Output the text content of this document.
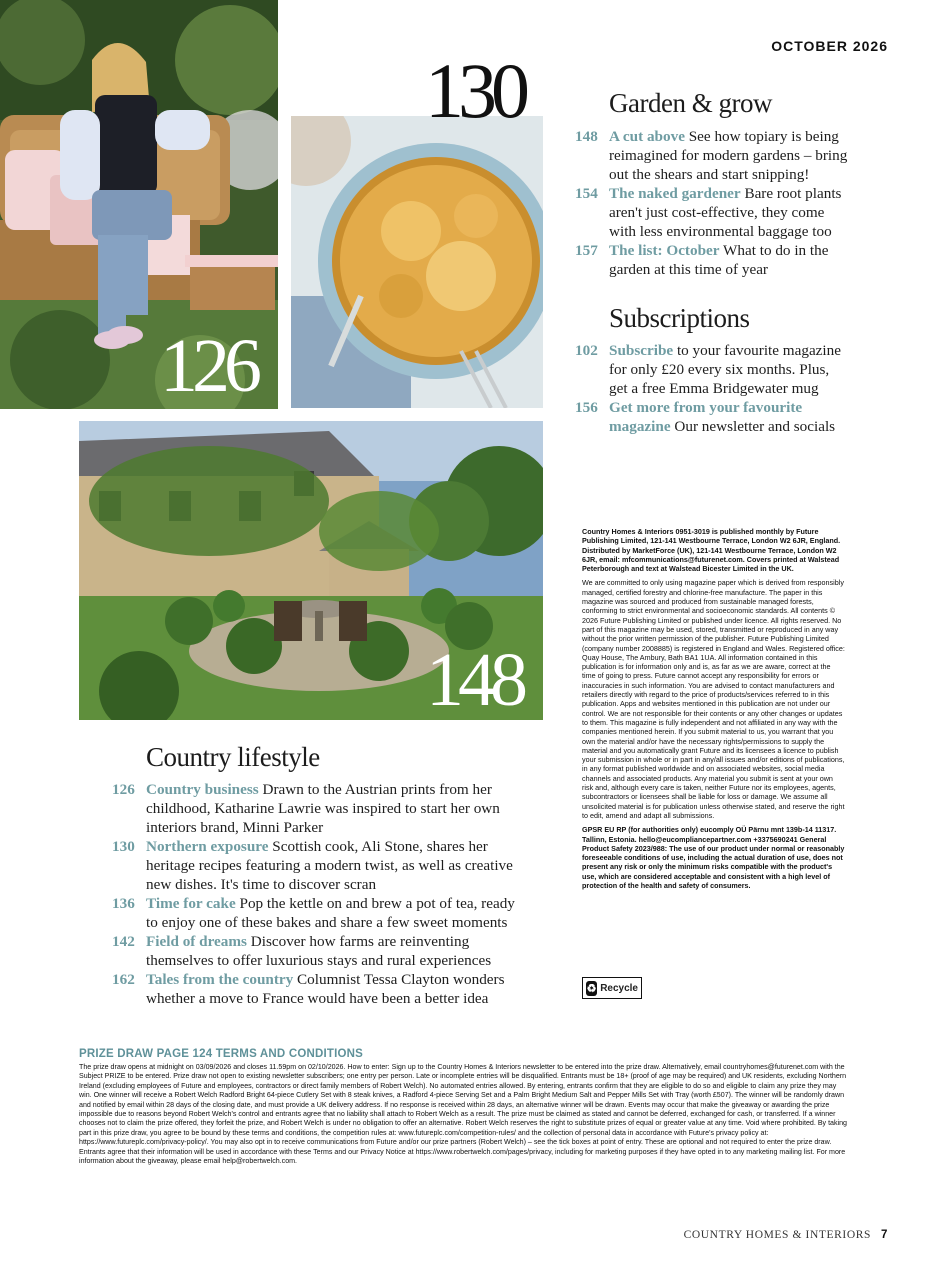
OCTOBER 2026
126
130
148
Garden & grow
148 A cut above See how topiary is being reimagined for modern gardens – bring out the shears and start snipping!
154 The naked gardener Bare root plants aren't just cost-effective, they come with less environmental baggage too
157 The list: October What to do in the garden at this time of year
Subscriptions
102 Subscribe to your favourite magazine for only £20 every six months. Plus, get a free Emma Bridgewater mug
156 Get more from your favourite magazine Our newsletter and socials
Country lifestyle
126 Country business Drawn to the Austrian prints from her childhood, Katharine Lawrie was inspired to start her own interiors brand, Minni Parker
130 Northern exposure Scottish cook, Ali Stone, shares her heritage recipes featuring a modern twist, as well as creative new dishes. It's time to discover scran
136 Time for cake Pop the kettle on and brew a pot of tea, ready to enjoy one of these bakes and share a few sweet moments
142 Field of dreams Discover how farms are reinventing themselves to offer luxurious stays and rural experiences
162 Tales from the country Columnist Tessa Clayton wonders whether a move to France would have been a better idea

Country Homes & Interiors 0951-3019 is published monthly by Future Publishing Limited, 121-141 Westbourne Terrace, London W2 6JR, England. Distributed by MarketForce (UK), 121-141 Westbourne Terrace, London W2 6JR, email: mfcommunications@futurenet.com. Covers printed at Walstead Peterborough and text at Walstead Bicester Limited in the UK.

We are committed to only using magazine paper which is derived from responsibly managed, certified forestry and chlorine-free manufacture. The paper in this magazine was sourced and produced from sustainable managed forests, conforming to strict environmental and socioeconomic standards. All contents © 2026 Future Publishing Limited or published under licence. All rights reserved. No part of this magazine may be used, stored, transmitted or reproduced in any way without the prior written permission of the publisher. Future Publishing Limited (company number 2008885) is registered in England and Wales. Registered office: Quay House, The Ambury, Bath BA1 1UA. All information contained in this publication is for information only and is, as far as we are aware, correct at the time of going to press. Future cannot accept any responsibility for errors or inaccuracies in such information. You are advised to contact manufacturers and retailers directly with regard to the price of products/services referred to in this publication. Apps and websites mentioned in this publication are not under our control. We are not responsible for their contents or any other changes or updates to them. This magazine is fully independent and not affiliated in any way with the companies mentioned herein. If you submit material to us, you warrant that you own the material and/or have the necessary rights/permissions to supply the material and you automatically grant Future and its licensees a licence to publish your submission in whole or in part in any/all issues and/or editions of publications, in any format published worldwide and on associated websites, social media channels and associated products. Any material you submit is sent at your own risk and, although every care is taken, neither Future nor its employees, agents, subcontractors or licensees shall be liable for loss or damage. We assume all unsolicited material is for publication unless otherwise stated, and reserve the right to edit, amend and adapt all submissions.

GPSR EU RP (for authorities only) eucomply OÜ Pärnu mnt 139b-14 11317. Tallinn, Estonia. hello@eucompliancepartner.com +3375690241 General Product Safety 2023/988: The use of our product under normal or reasonably foreseeable conditions of use, including the actual duration of use, does not present any risk or only the minimum risks compatible with the product's use, which are considered acceptable and consistent with a high level of protection of the health and safety of consumers.

♻ Recycle
PRIZE DRAW PAGE 124 TERMS AND CONDITIONS
The prize draw opens at midnight on 03/09/2026 and closes 11.59pm on 02/10/2026. How to enter: Sign up to the Country Homes & Interiors newsletter to be entered into the prize draw. Alternatively, email countryhomes@futurenet.com with the Subject PRIZE to be entered. Prize draw not open to existing newsletter subscribers; one entry per person. Late or incomplete entries will be disqualified. Entrants must be 18+ (proof of age may be required) and UK residents, excluding Northern Ireland (excluding employees of Future and employees, contractors or direct family members of Robert Welch). No automated entries allowed. By entering, entrants confirm that they are eligible to do so and eligible to claim any prize they may win. One winner will receive a Robert Welch Radford Bright 64-piece Cutlery Set with 8 steak knives, a Radford 4-piece Serving Set and a Palm Bright Medium Salt and Pepper Mills Set with Tray (worth £507). The winner will be randomly drawn and notified by email within 28 days of the closing date, and must provide a UK delivery address. If no response is received within 28 days, an alternative winner will be drawn. Events may occur that make the giveaway or awarding the prize impossible due to reasons beyond Robert Welch's control and entrants agree that no liability shall attach to Robert Welch as a result. The prize must be claimed as stated and cannot be deferred, exchanged for cash, or transferred. If a winner chooses not to claim the prize offered, they forfeit the prize, and Robert Welch is under no obligation to offer an alternative. Robert Welch reserves the right to substitute prizes of equal or greater value at any time. Void where prohibited. By taking part in this prize draw, you agree to be bound by these terms and conditions, the competition rules at: www.futureplc.com/competition-rules/ and the collection of personal data in accordance with Future's privacy policy at: https://www.futureplc.com/privacy-policy/. You may also opt in to receive communications from Future and/or our prize partners (Robert Welch) – see the tick boxes at point of entry. These are optional and not required to enter the prize draw. Entrants agree that their information will be used in accordance with these Terms and our Privacy Notice at https://www.robertwelch.com/pages/privacy, including for marketing purposes if they have opted in to any marketing mailing list. For more information about the giveaway, please email help@robertwelch.com.
COUNTRY HOMES & INTERIORS 7
